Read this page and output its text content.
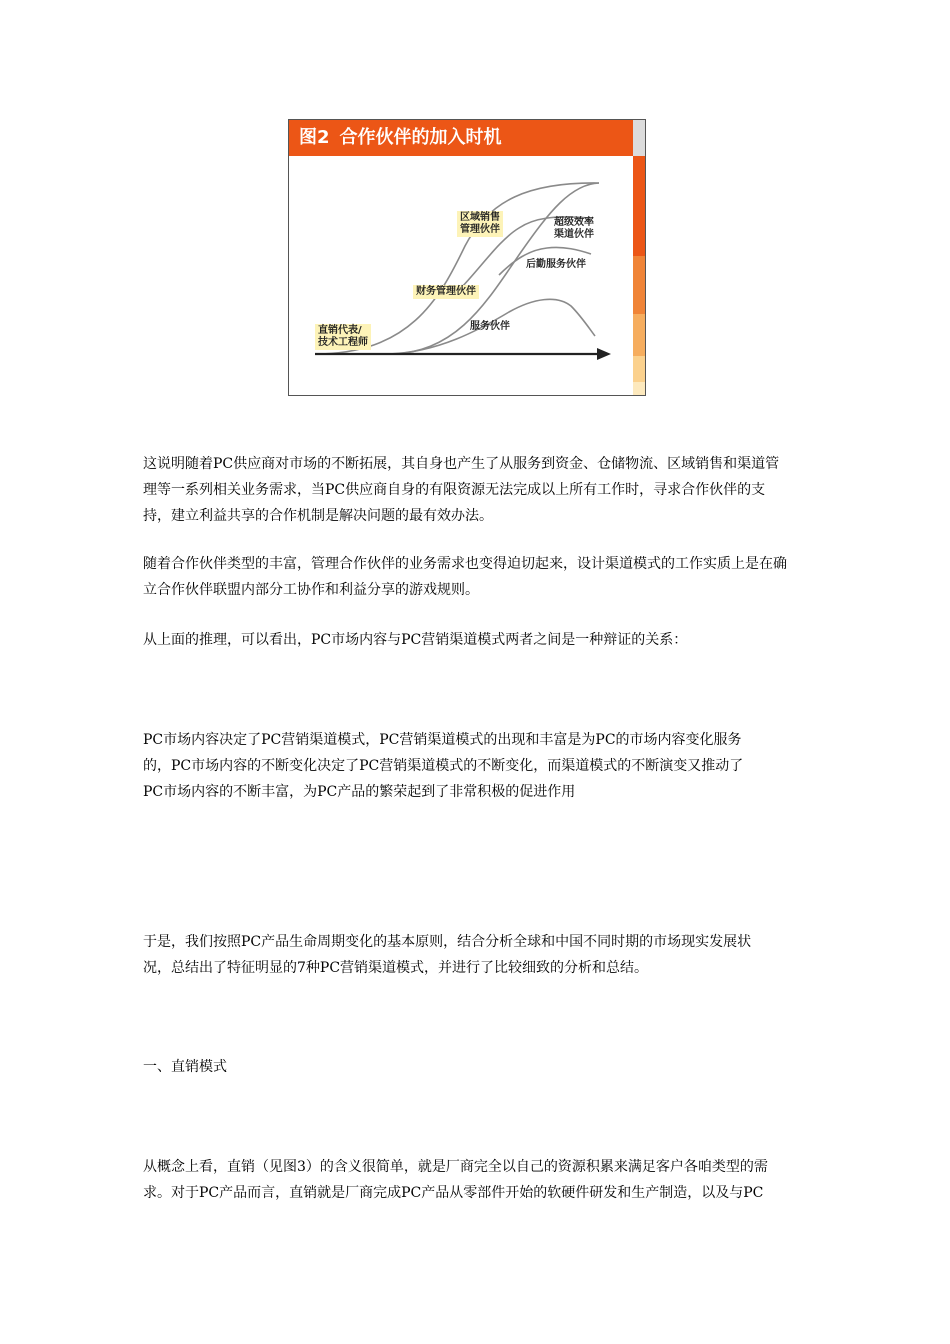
图2 合作伙伴的加入时机
直销代表/
技术工程师
财务管理伙伴
服务伙伴
区域销售
管理伙伴
超级效率
渠道伙伴
后勤服务伙伴

这说明随着PC供应商对市场的不断拓展，其自身也产生了从服务到资金、仓储物流、区域销售和渠道管理等一系列相关业务需求，当PC供应商自身的有限资源无法完成以上所有工作时，寻求合作伙伴的支持，建立利益共享的合作机制是解决问题的最有效办法。

随着合作伙伴类型的丰富，管理合作伙伴的业务需求也变得迫切起来，设计渠道模式的工作实质上是在确立合作伙伴联盟内部分工协作和利益分享的游戏规则。

从上面的推理，可以看出，PC市场内容与PC营销渠道模式两者之间是一种辩证的关系：

PC市场内容决定了PC营销渠道模式，PC营销渠道模式的出现和丰富是为PC的市场内容变化服务的，PC市场内容的不断变化决定了PC营销渠道模式的不断变化，而渠道模式的不断演变又推动了PC市场内容的不断丰富，为PC产品的繁荣起到了非常积极的促进作用

于是，我们按照PC产品生命周期变化的基本原则，结合分析全球和中国不同时期的市场现实发展状况，总结出了特征明显的7种PC营销渠道模式，并进行了比较细致的分析和总结。

一、直销模式

从概念上看，直销（见图3）的含义很简单，就是厂商完全以自己的资源积累来满足客户各咱类型的需求。对于PC产品而言，直销就是厂商完成PC产品从零部件开始的软硬件研发和生产制造，以及与PC
